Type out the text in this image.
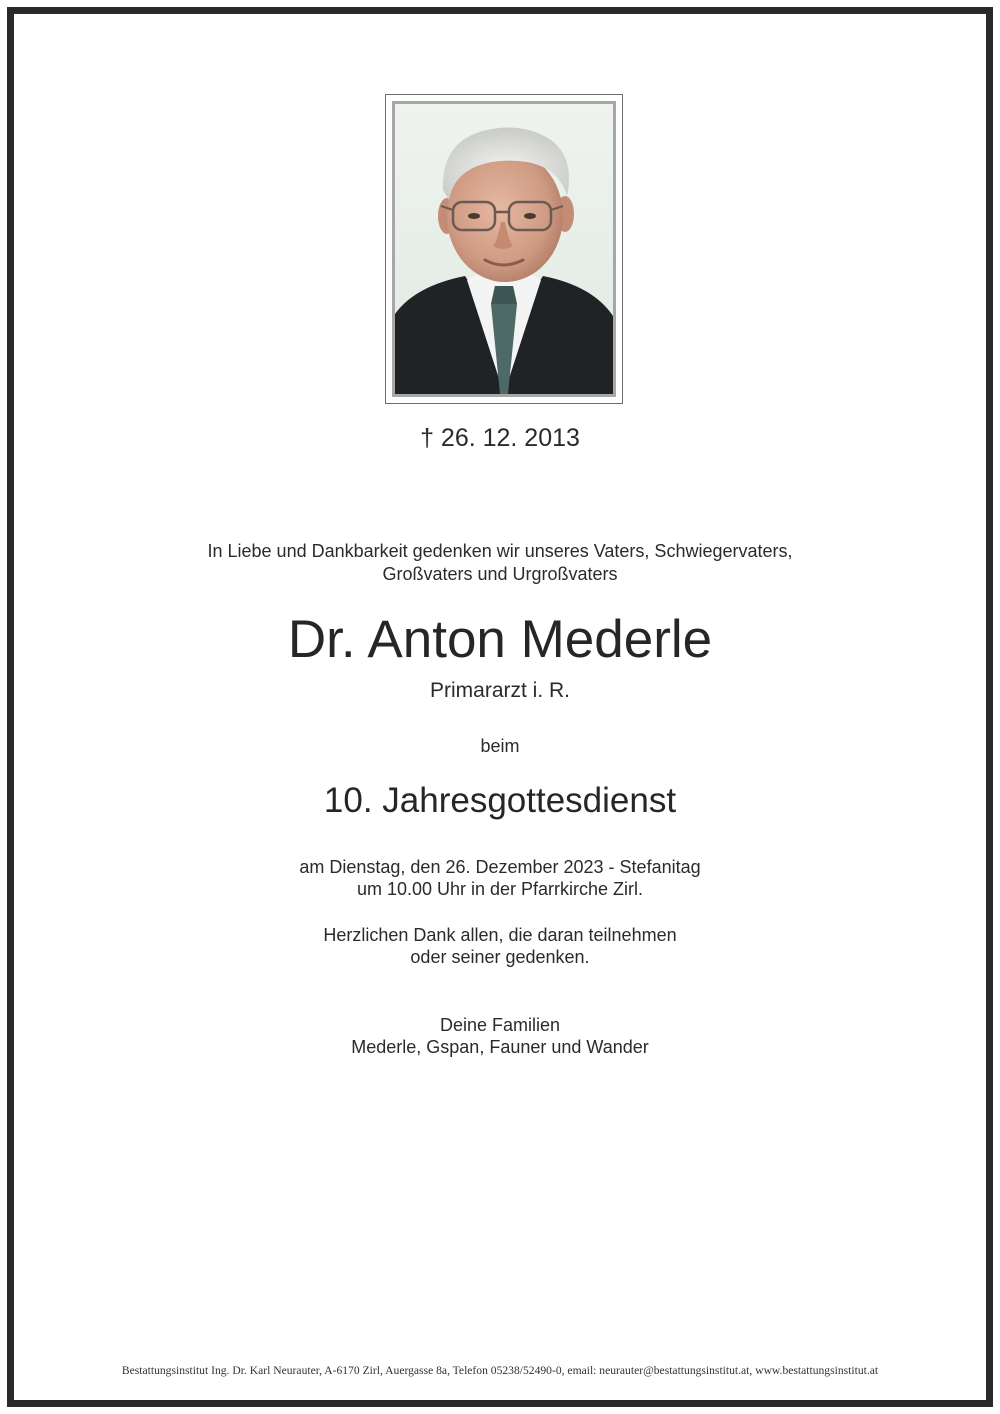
† 26. 12. 2013
In Liebe und Dankbarkeit gedenken wir unseres Vaters, Schwiegervaters,
Großvaters und Urgroßvaters
Dr. Anton Mederle
Primararzt i. R.
beim
10. Jahresgottesdienst
am Dienstag, den 26. Dezember 2023 - Stefanitag
um 10.00 Uhr in der Pfarrkirche Zirl.
Herzlichen Dank allen, die daran teilnehmen
oder seiner gedenken.
Deine Familien
Mederle, Gspan, Fauner und Wander
Bestattungsinstitut Ing. Dr. Karl Neurauter, A-6170 Zirl, Auergasse 8a, Telefon 05238/52490-0, email: neurauter@bestattungsinstitut.at, www.bestattungsinstitut.at
